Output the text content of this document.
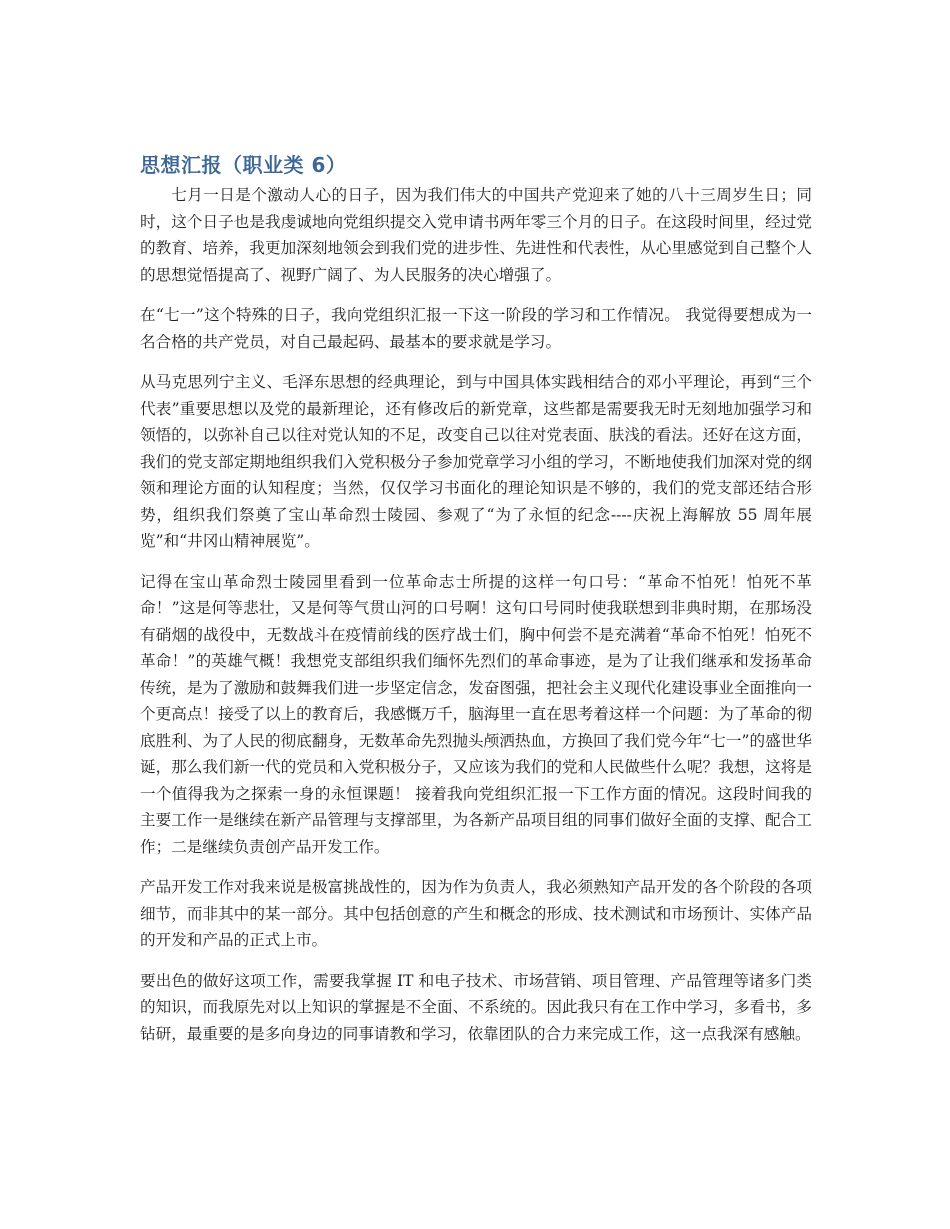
思想汇报（职业类 6）

七月一日是个激动人心的日子，因为我们伟大的中国共产党迎来了她的八十三周岁生日；同时，这个日子也是我虔诚地向党组织提交入党申请书两年零三个月的日子。在这段时间里，经过党的教育、培养，我更加深刻地领会到我们党的进步性、先进性和代表性，从心里感觉到自己整个人的思想觉悟提高了、视野广阔了、为人民服务的决心增强了。

在“七一”这个特殊的日子，我向党组织汇报一下这一阶段的学习和工作情况。 我觉得要想成为一名合格的共产党员，对自己最起码、最基本的要求就是学习。

从马克思列宁主义、毛泽东思想的经典理论，到与中国具体实践相结合的邓小平理论，再到“三个代表”重要思想以及党的最新理论，还有修改后的新党章，这些都是需要我无时无刻地加强学习和领悟的，以弥补自己以往对党认知的不足，改变自己以往对党表面、肤浅的看法。还好在这方面，我们的党支部定期地组织我们入党积极分子参加党章学习小组的学习，不断地使我们加深对党的纲领和理论方面的认知程度；当然，仅仅学习书面化的理论知识是不够的，我们的党支部还结合形势，组织我们祭奠了宝山革命烈士陵园、参观了“为了永恒的纪念----庆祝上海解放 55 周年展览”和“井冈山精神展览”。

记得在宝山革命烈士陵园里看到一位革命志士所提的这样一句口号：“革命不怕死！怕死不革命！”这是何等悲壮，又是何等气贯山河的口号啊！这句口号同时使我联想到非典时期，在那场没有硝烟的战役中，无数战斗在疫情前线的医疗战士们，胸中何尝不是充满着“革命不怕死！怕死不革命！”的英雄气概！我想党支部组织我们缅怀先烈们的革命事迹，是为了让我们继承和发扬革命传统，是为了激励和鼓舞我们进一步坚定信念，发奋图强，把社会主义现代化建设事业全面推向一个更高点！接受了以上的教育后，我感慨万千，脑海里一直在思考着这样一个问题：为了革命的彻底胜利、为了人民的彻底翻身，无数革命先烈抛头颅洒热血，方换回了我们党今年“七一”的盛世华诞，那么我们新一代的党员和入党积极分子，又应该为我们的党和人民做些什么呢？我想，这将是一个值得我为之探索一身的永恒课题！ 接着我向党组织汇报一下工作方面的情况。这段时间我的主要工作一是继续在新产品管理与支撑部里，为各新产品项目组的同事们做好全面的支撑、配合工作；二是继续负责创产品开发工作。

产品开发工作对我来说是极富挑战性的，因为作为负责人，我必须熟知产品开发的各个阶段的各项细节，而非其中的某一部分。其中包括创意的产生和概念的形成、技术测试和市场预计、实体产品的开发和产品的正式上市。

要出色的做好这项工作，需要我掌握 IT 和电子技术、市场营销、项目管理、产品管理等诸多门类的知识，而我原先对以上知识的掌握是不全面、不系统的。因此我只有在工作中学习，多看书，多钻研，最重要的是多向身边的同事请教和学习，依靠团队的合力来完成工作，这一点我深有感触。
